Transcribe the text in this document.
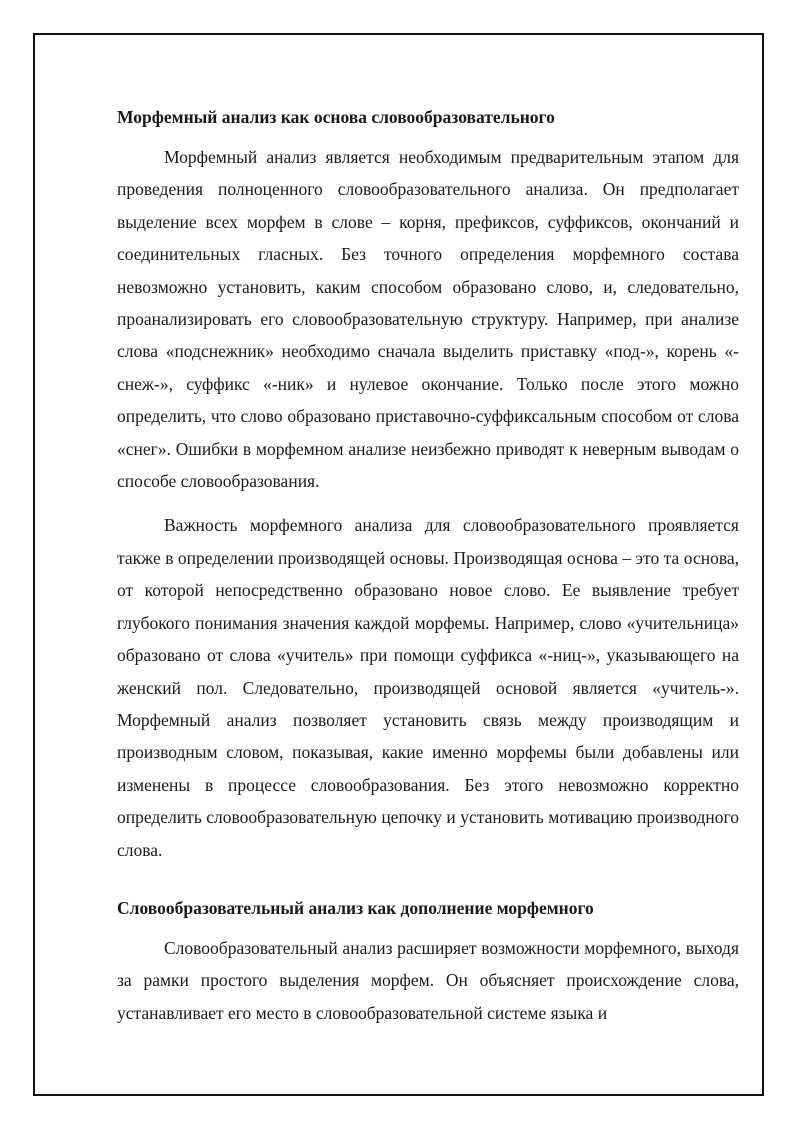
Морфемный анализ как основа словообразовательного

Морфемный анализ является необходимым предварительным этапом для проведения полноценного словообразовательного анализа. Он предполагает выделение всех морфем в слове – корня, префиксов, суффиксов, окончаний и соединительных гласных. Без точного определения морфемного состава невозможно установить, каким способом образовано слово, и, следовательно, проанализировать его словообразовательную структуру. Например, при анализе слова «подснежник» необходимо сначала выделить приставку «под-», корень «-снеж-», суффикс «-ник» и нулевое окончание. Только после этого можно определить, что слово образовано приставочно-суффиксальным способом от слова «снег». Ошибки в морфемном анализе неизбежно приводят к неверным выводам о способе словообразования.

Важность морфемного анализа для словообразовательного проявляется также в определении производящей основы. Производящая основа – это та основа, от которой непосредственно образовано новое слово. Ее выявление требует глубокого понимания значения каждой морфемы. Например, слово «учительница» образовано от слова «учитель» при помощи суффикса «-ниц-», указывающего на женский пол. Следовательно, производящей основой является «учитель-». Морфемный анализ позволяет установить связь между производящим и производным словом, показывая, какие именно морфемы были добавлены или изменены в процессе словообразования. Без этого невозможно корректно определить словообразовательную цепочку и установить мотивацию производного слова.

Словообразовательный анализ как дополнение морфемного

Словообразовательный анализ расширяет возможности морфемного, выходя за рамки простого выделения морфем. Он объясняет происхождение слова, устанавливает его место в словообразовательной системе языка и
